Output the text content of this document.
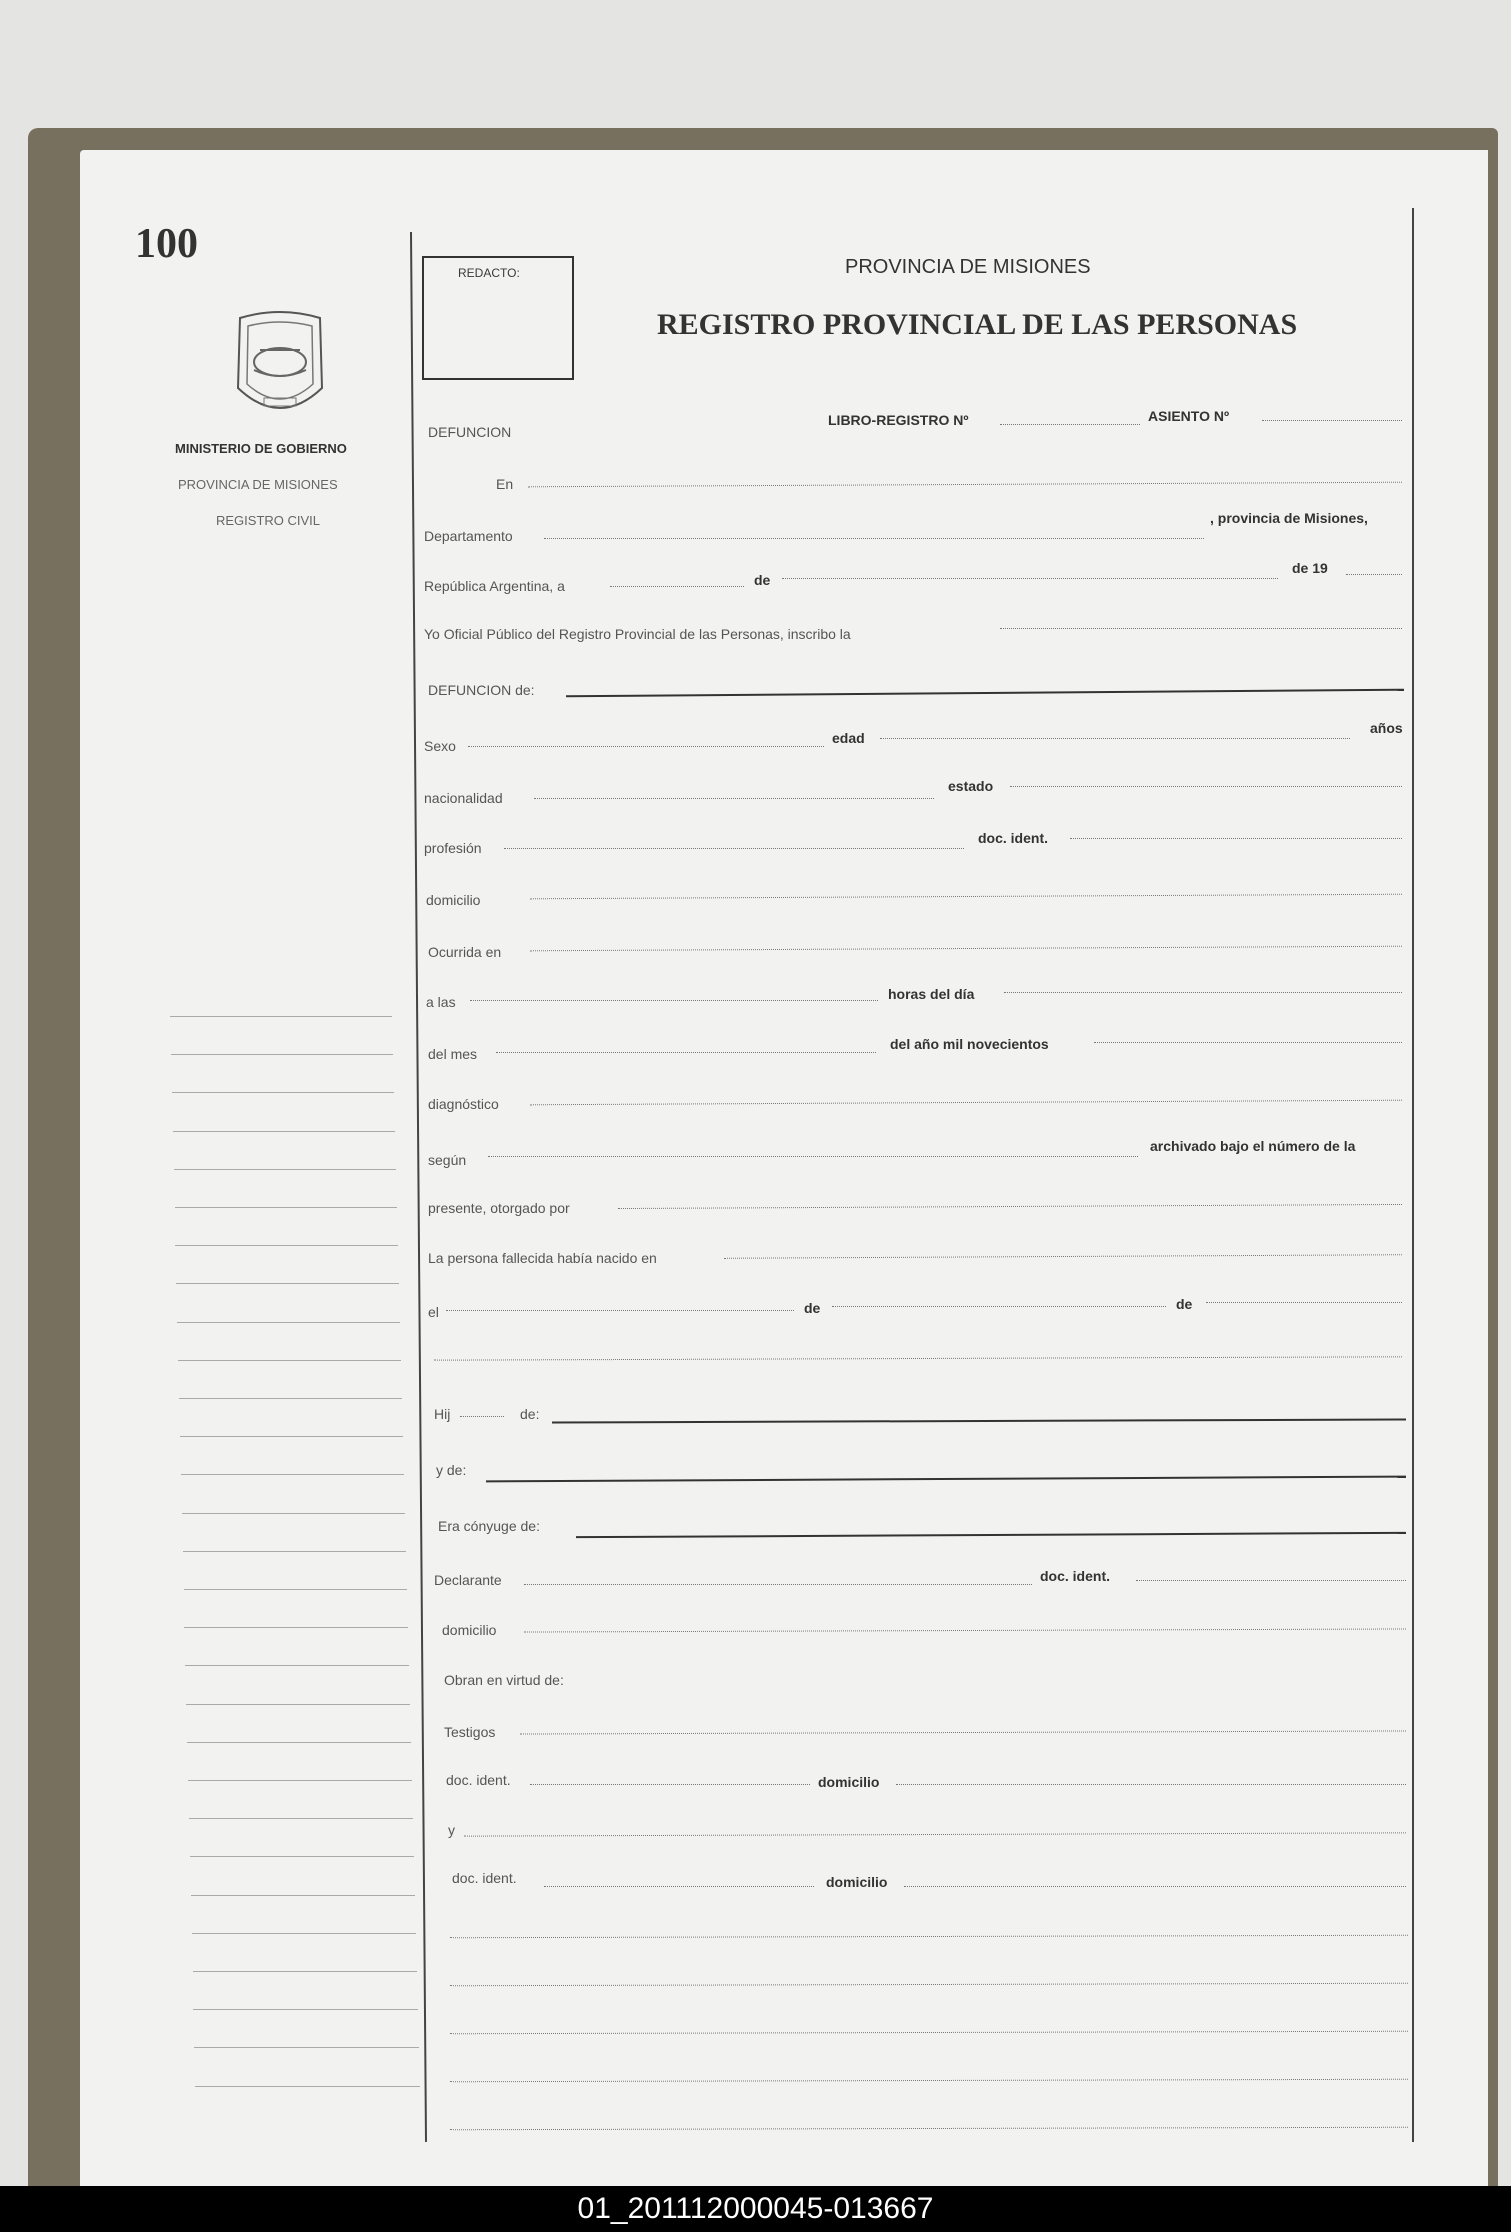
100
MINISTERIO DE GOBIERNO
PROVINCIA DE MISIONES
REGISTRO CIVIL
REDACTO:	PROVINCIA DE MISIONES
REGISTRO PROVINCIAL DE LAS PERSONAS
DEFUNCION
LIBRO-REGISTRO Nº	ASIENTO Nº
En
Departamento
, provincia de Misiones,
República Argentina, a	de
de 19
Yo Oficial Público del Registro Provincial de las Personas, inscribo la
DEFUNCION de:
Sexo	edad
años
nacionalidad
estado
profesión
doc. ident.
domicilio
Ocurrida en
a las	horas del día
del mes
del año mil novecientos
diagnóstico
según
archivado bajo el número de la
presente, otorgado por
La persona fallecida había nacido en
el	de	de
Hij	de:
y de:
Era cónyuge de:
Declarante	doc. ident.
domicilio
Obran en virtud de:
Testigos
doc. ident.	domicilio
y
doc. ident.	domicilio
01_201112000045-013667
